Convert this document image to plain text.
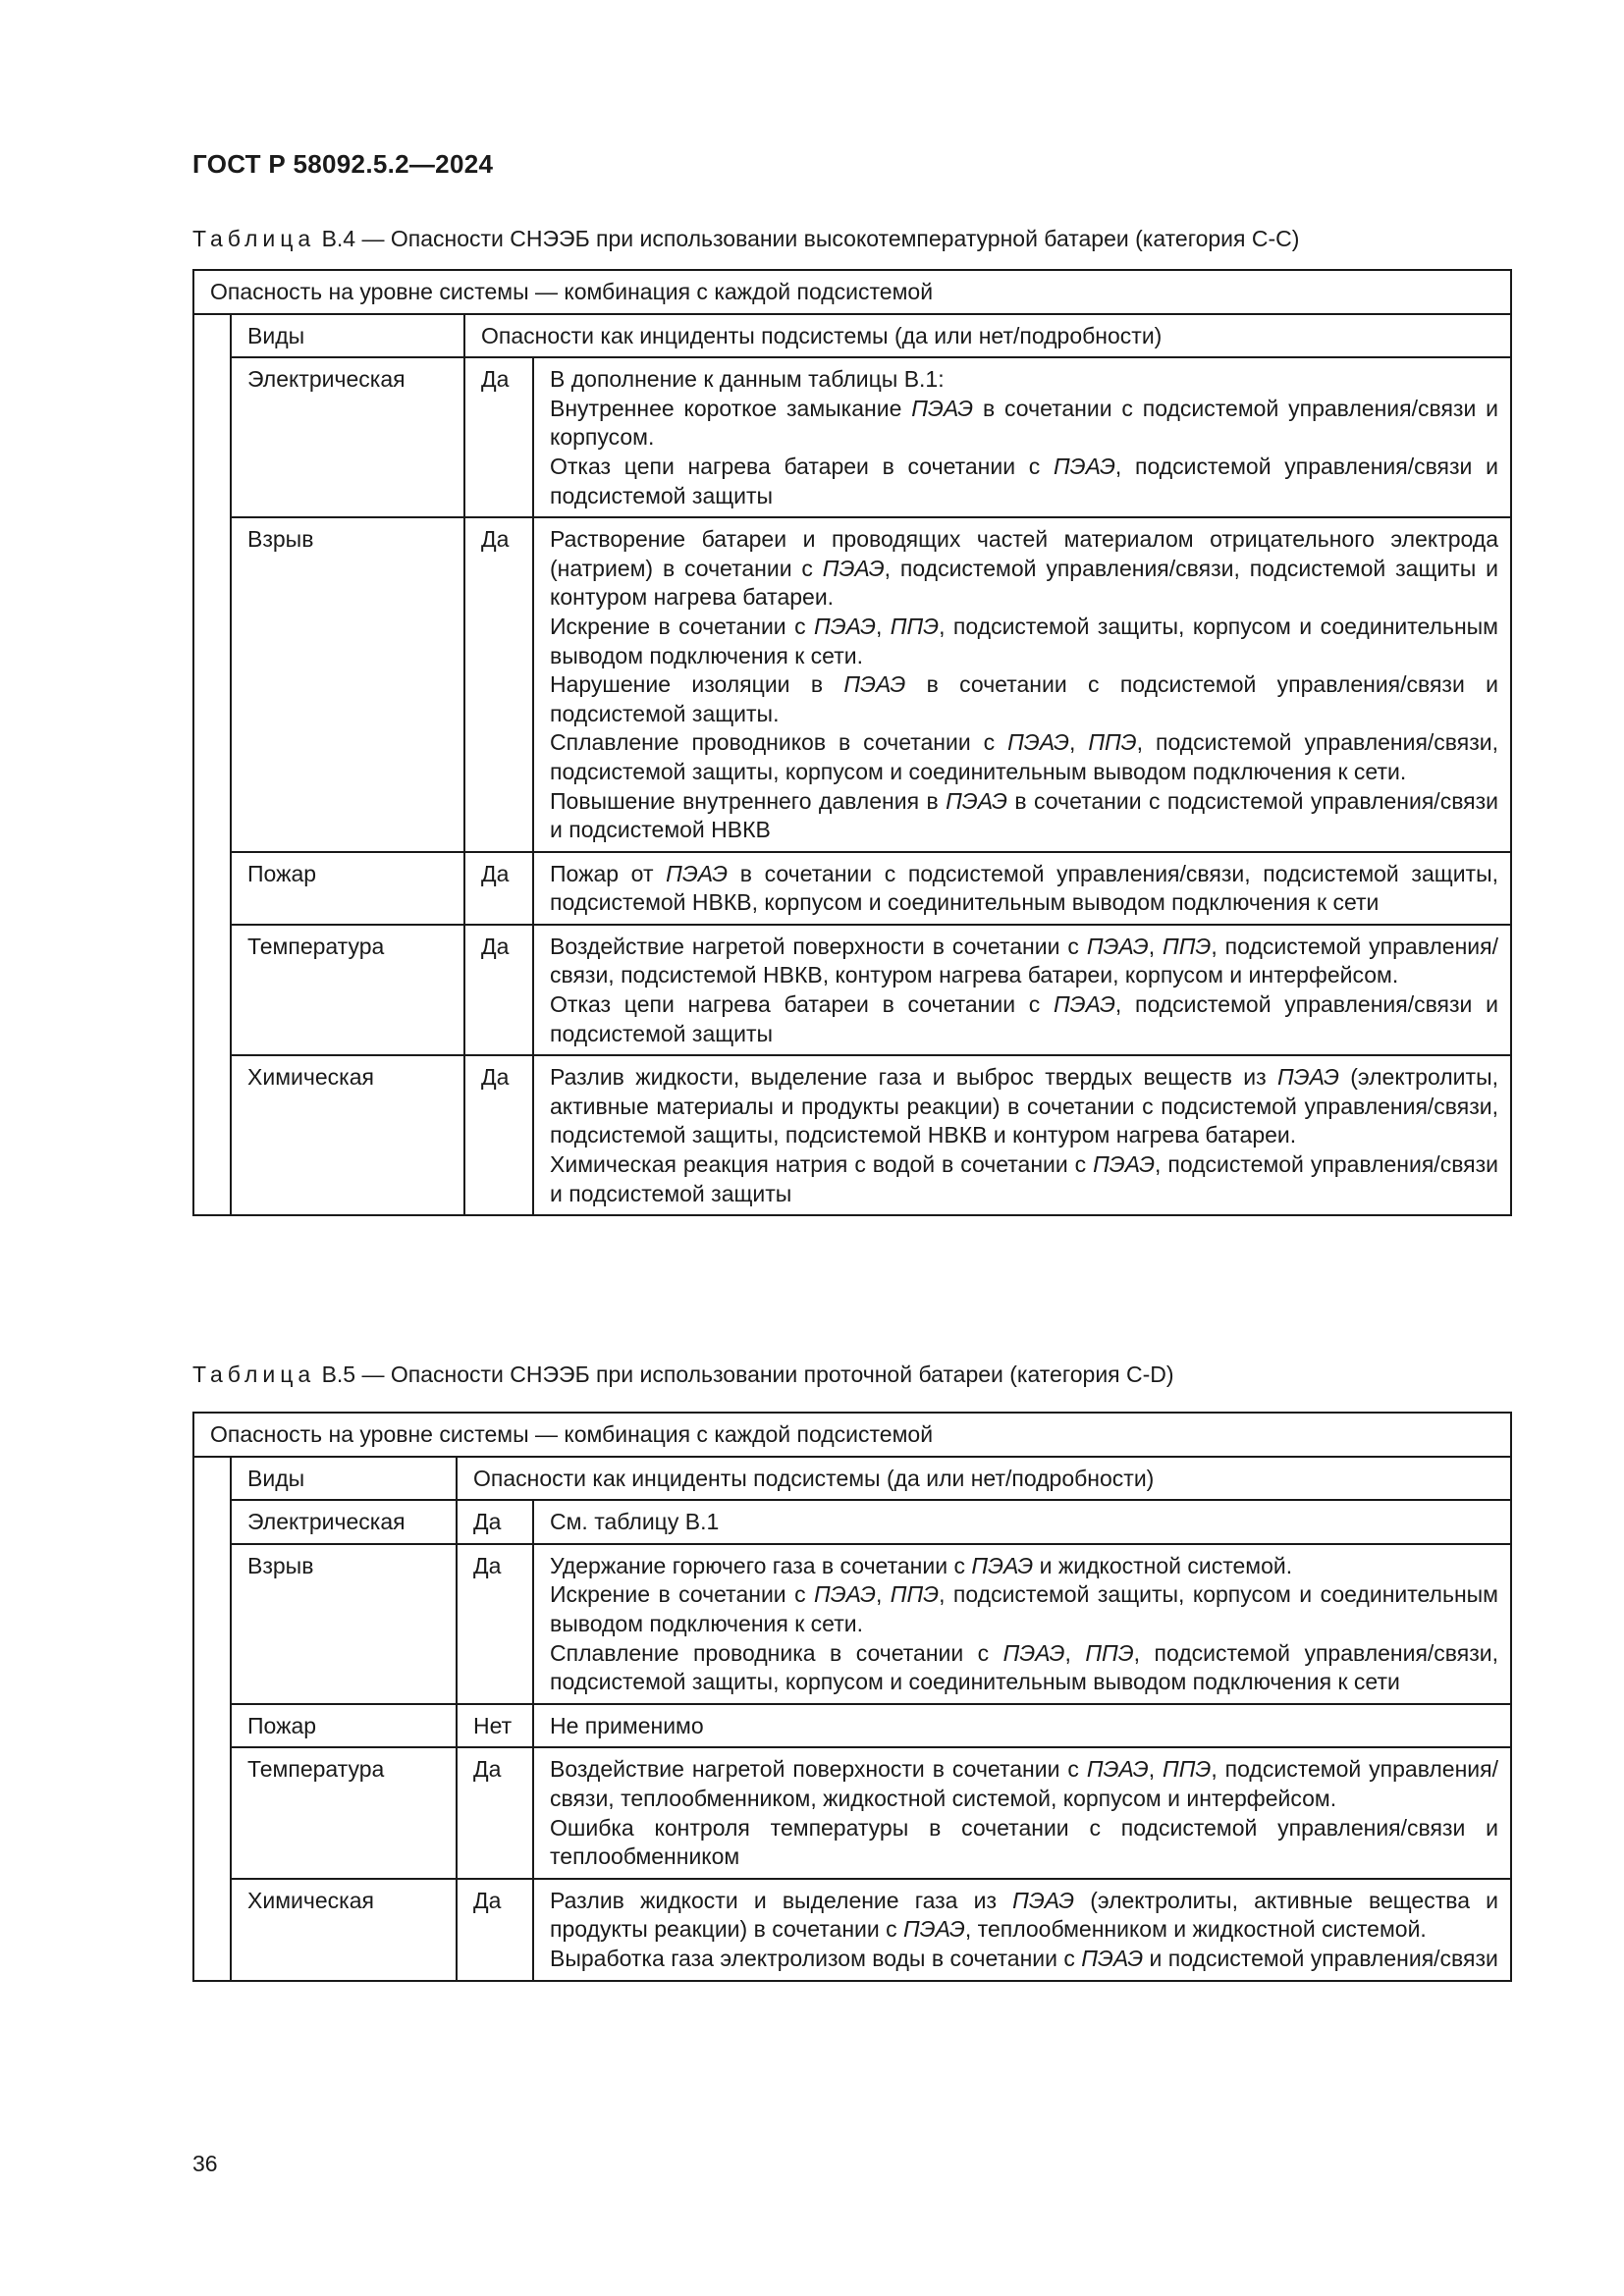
ГОСТ Р 58092.5.2—2024
Таблица В.4 — Опасности СНЭЭБ при использовании высокотемпературной батареи (категория С-С)
Опасность на уровне системы — комбинация с каждой подсистемой			
	Виды	Опасности как инциденты подсистемы (да или нет/подробности)	
	Электрическая	Да	В дополнение к данным таблицы В.1:
Внутреннее короткое замыкание ПЭАЭ в сочетании с подсистемой управления/связи и корпусом.
Отказ цепи нагрева батареи в сочетании с ПЭАЭ, подсистемой управления/связи и подсистемой защиты

	Взрыв	Да	Растворение батареи и проводящих частей материалом отрицательного электрода (натрием) в сочетании с ПЭАЭ, подсистемой управления/связи, подсистемой защиты и контуром нагрева батареи.
Искрение в сочетании с ПЭАЭ, ППЭ, подсистемой защиты, корпусом и соединительным выводом подключения к сети.
Нарушение изоляции в ПЭАЭ в сочетании с подсистемой управления/связи и подсистемой защиты.
Сплавление проводников в сочетании с ПЭАЭ, ППЭ, подсистемой управления/связи, подсистемой защиты, корпусом и соединительным выводом подключения к сети.
Повышение внутреннего давления в ПЭАЭ в сочетании с подсистемой управления/связи и подсистемой НВКВ

	Пожар	Да	Пожар от ПЭАЭ в сочетании с подсистемой управления/связи, подсистемой защиты, подсистемой НВКВ, корпусом и соединительным выводом подключения к сети

	Температура	Да	Воздействие нагретой поверхности в сочетании с ПЭАЭ, ППЭ, подсистемой управления/связи, подсистемой НВКВ, контуром нагрева батареи, корпусом и интерфейсом.
Отказ цепи нагрева батареи в сочетании с ПЭАЭ, подсистемой управления/связи и подсистемой защиты

	Химическая	Да	Разлив жидкости, выделение газа и выброс твердых веществ из ПЭАЭ (электролиты, активные материалы и продукты реакции) в сочетании с подсистемой управления/связи, подсистемой защиты, подсистемой НВКВ и контуром нагрева батареи.
Химическая реакция натрия с водой в сочетании с ПЭАЭ, подсистемой управления/связи и подсистемой защиты
Таблица В.5 — Опасности СНЭЭБ при использовании проточной батареи (категория С-D)
Опасность на уровне системы — комбинация с каждой подсистемой			
	Виды	Опасности как инциденты подсистемы (да или нет/подробности)	
	Электрическая	Да	См. таблицу В.1

	Взрыв	Да	Удержание горючего газа в сочетании с ПЭАЭ и жидкостной системой.
Искрение в сочетании с ПЭАЭ, ППЭ, подсистемой защиты, корпусом и соединительным выводом подключения к сети.
Сплавление проводника в сочетании с ПЭАЭ, ППЭ, подсистемой управления/связи, подсистемой защиты, корпусом и соединительным выводом подключения к сети

	Пожар	Нет	Не применимо

	Температура	Да	Воздействие нагретой поверхности в сочетании с ПЭАЭ, ППЭ, подсистемой управления/связи, теплообменником, жидкостной системой, корпусом и интерфейсом.
Ошибка контроля температуры в сочетании с подсистемой управления/связи и теплообменником

	Химическая	Да	Разлив жидкости и выделение газа из ПЭАЭ (электролиты, активные вещества и продукты реакции) в сочетании с ПЭАЭ, теплообменником и жидкостной системой.
Выработка газа электролизом воды в сочетании с ПЭАЭ и подсистемой управления/связи
36
